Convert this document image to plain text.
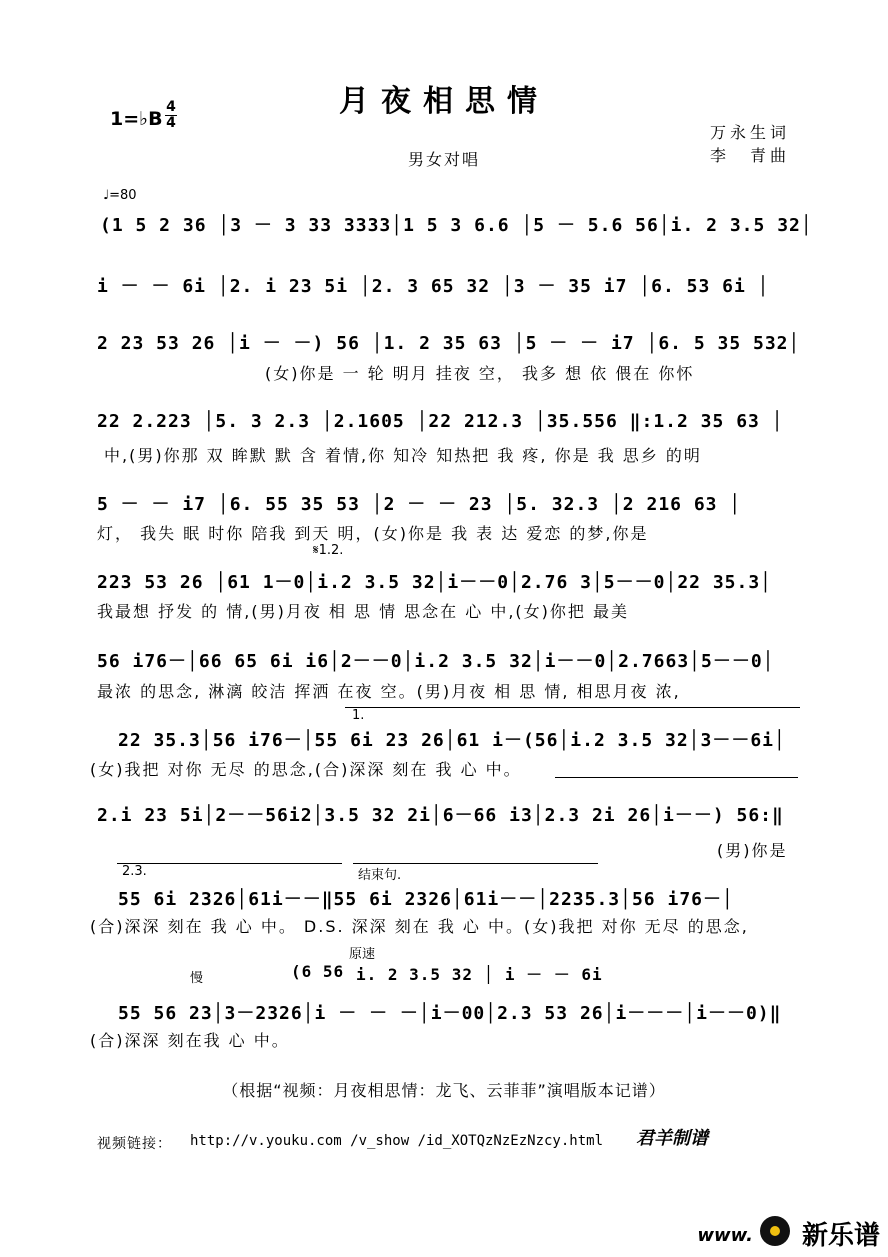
月夜相思情
1=♭B
4
4	万永生词
李　青曲
男女对唱
♩=80
(1 5 2 36 │3 － 3 33 3333│1 5 3 6.6 │5 － 5.6 56│i. 2 3.5 32│
i － － 6i │2. i 23 5i │2. 3 65 32 │3 － 35 i7 │6. 53 6i │
2 23 53 26 │i － －) 56 │1. 2 35 63 │5 － － i7 │6. 5 35 532│
(女)你是 一 轮 明月 挂夜 空， 我多 想 依 偎在 你怀
22 2.223 │5. 3 2.3 │2.1605 │22 212.3 │35.556 ‖:1.2 35 63 │
中,(男)你那 双 眸默 默 含 着情,你 知冷 知热把 我 疼, 你是 我 思乡 的明
5 － － i7 │6. 55 35 53 │2 － － 23 │5. 32.3 │2 216 63 │
灯， 我失 眠 时你 陪我 到天 明，(女)你是 我 表 达 爱恋 的梦,你是
𝄋1.2.
223 53 26 │61 1－0│i.2 3.5 32│i－－0│2.76 3│5－－0│22 35.3│
我最想 抒发 的 情,(男)月夜 相 思 情 思念在 心 中,(女)你把 最美
56 i76－│66 65 6i i6│2－－0│i.2 3.5 32│i－－0│2.7663│5－－0│
最浓 的思念, 淋漓 皎洁 挥洒 在夜 空。(男)月夜 相 思 情, 相思月夜 浓,
1.
22 35.3│56 i76－│55 6i 23 26│61 i－(56│i.2 3.5 32│3－－6i│
(女)我把 对你 无尽 的思念,(合)深深 刻在 我 心 中。
2.i 23 5i│2－－56i2│3.5 32 2i│6－66 i3│2.3 2i 26│i－－) 56:‖
(男)你是
2.3.	结束句.
55 6i 2326│61i－－‖55 6i 2326│61i－－│2235.3│56 i76－│
(合)深深 刻在 我 心 中。 D.S. 深深 刻在 我 心 中。(女)我把 对你 无尽 的思念,
原速
(6 56 i. 2 3.5 32 │ i － － 6i
慢
55 56 23│3－2326│i － － －│i－00│2.3 53 26│i－－－│i－－0)‖
(合)深深 刻在我 心 中。
（根据“视频：月夜相思情：龙飞、云菲菲”演唱版本记谱）
视频链接： http://v.youku.com /v_show /id_XOTQzNzEzNzcy.html 君羊制谱
www. 新乐谱
